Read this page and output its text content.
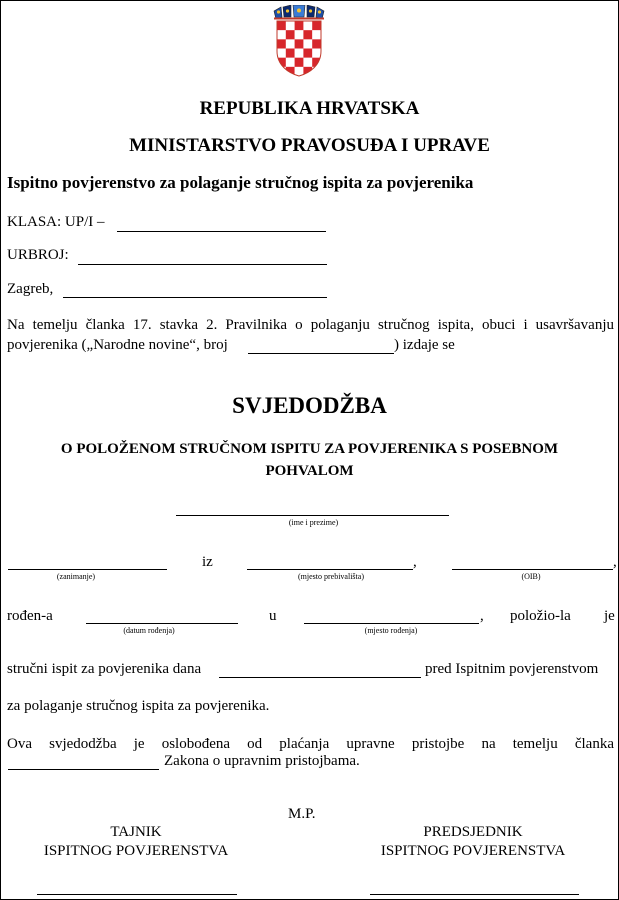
REPUBLIKA HRVATSKA
MINISTARSTVO PRAVOSUĐA I UPRAVE
Ispitno povjerenstvo za polaganje stručnog ispita za povjerenika
KLASA: UP/I –
URBROJ:
Zagreb,
Na temelju članka 17. stavka 2. Pravilnika o polaganju stručnog ispita, obuci i usavršavanju
povjerenika („Narodne novine“, broj	) izdaje se
SVJEDODŽBA
O POLOŽENOM STRUČNOM ISPITU ZA POVJERENIKA S POSEBNOM
POHVALOM
(ime i prezime)
(zanimanje)
iz
(mjesto prebivališta)
,
(OIB)
,
rođen-a
(datum rođenja)
u
(mjesto rođenja)
, položio-la je
stručni ispit za povjerenika dana	pred Ispitnim povjerenstvom
za polaganje stručnog ispita za povjerenika.
Ova svjedodžba je oslobođena od plaćanja upravne pristojbe na temelju članka
Zakona o upravnim pristojbama.
M.P.
TAJNIK
ISPITNOG POVJERENSTVA
PREDSJEDNIK
ISPITNOG POVJERENSTVA
